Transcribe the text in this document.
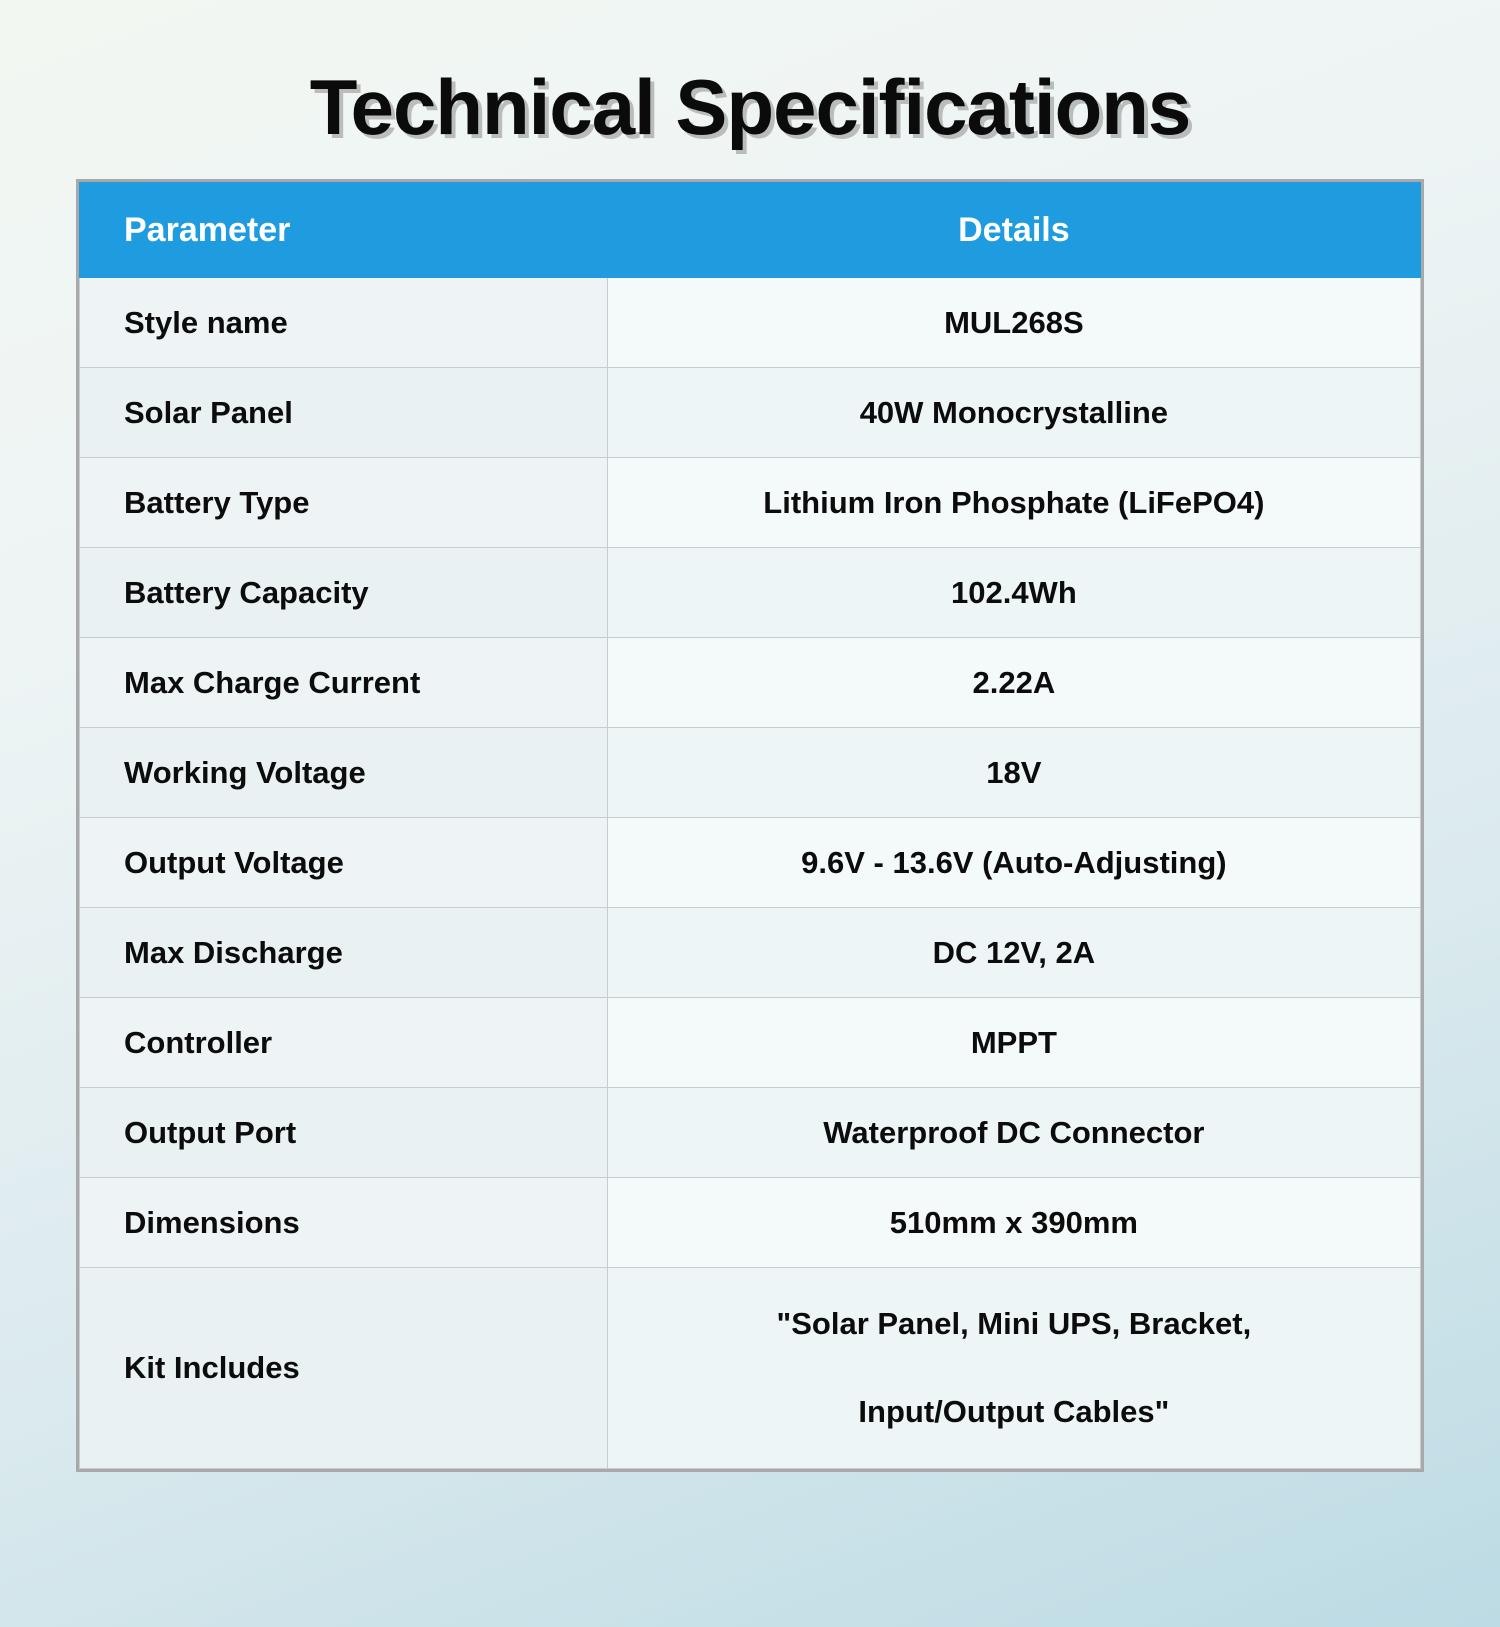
Technical Specifications
Parameter	Details
Style name	MUL268S
Solar Panel	40W Monocrystalline
Battery Type	Lithium Iron Phosphate (LiFePO4)
Battery Capacity	102.4Wh
Max Charge Current	2.22A
Working Voltage	18V
Output Voltage	9.6V - 13.6V (Auto-Adjusting)
Max Discharge	DC 12V, 2A
Controller	MPPT
Output Port	Waterproof DC Connector
Dimensions	510mm x 390mm
Kit Includes	"Solar Panel, Mini UPS, Bracket,
Input/Output Cables"
